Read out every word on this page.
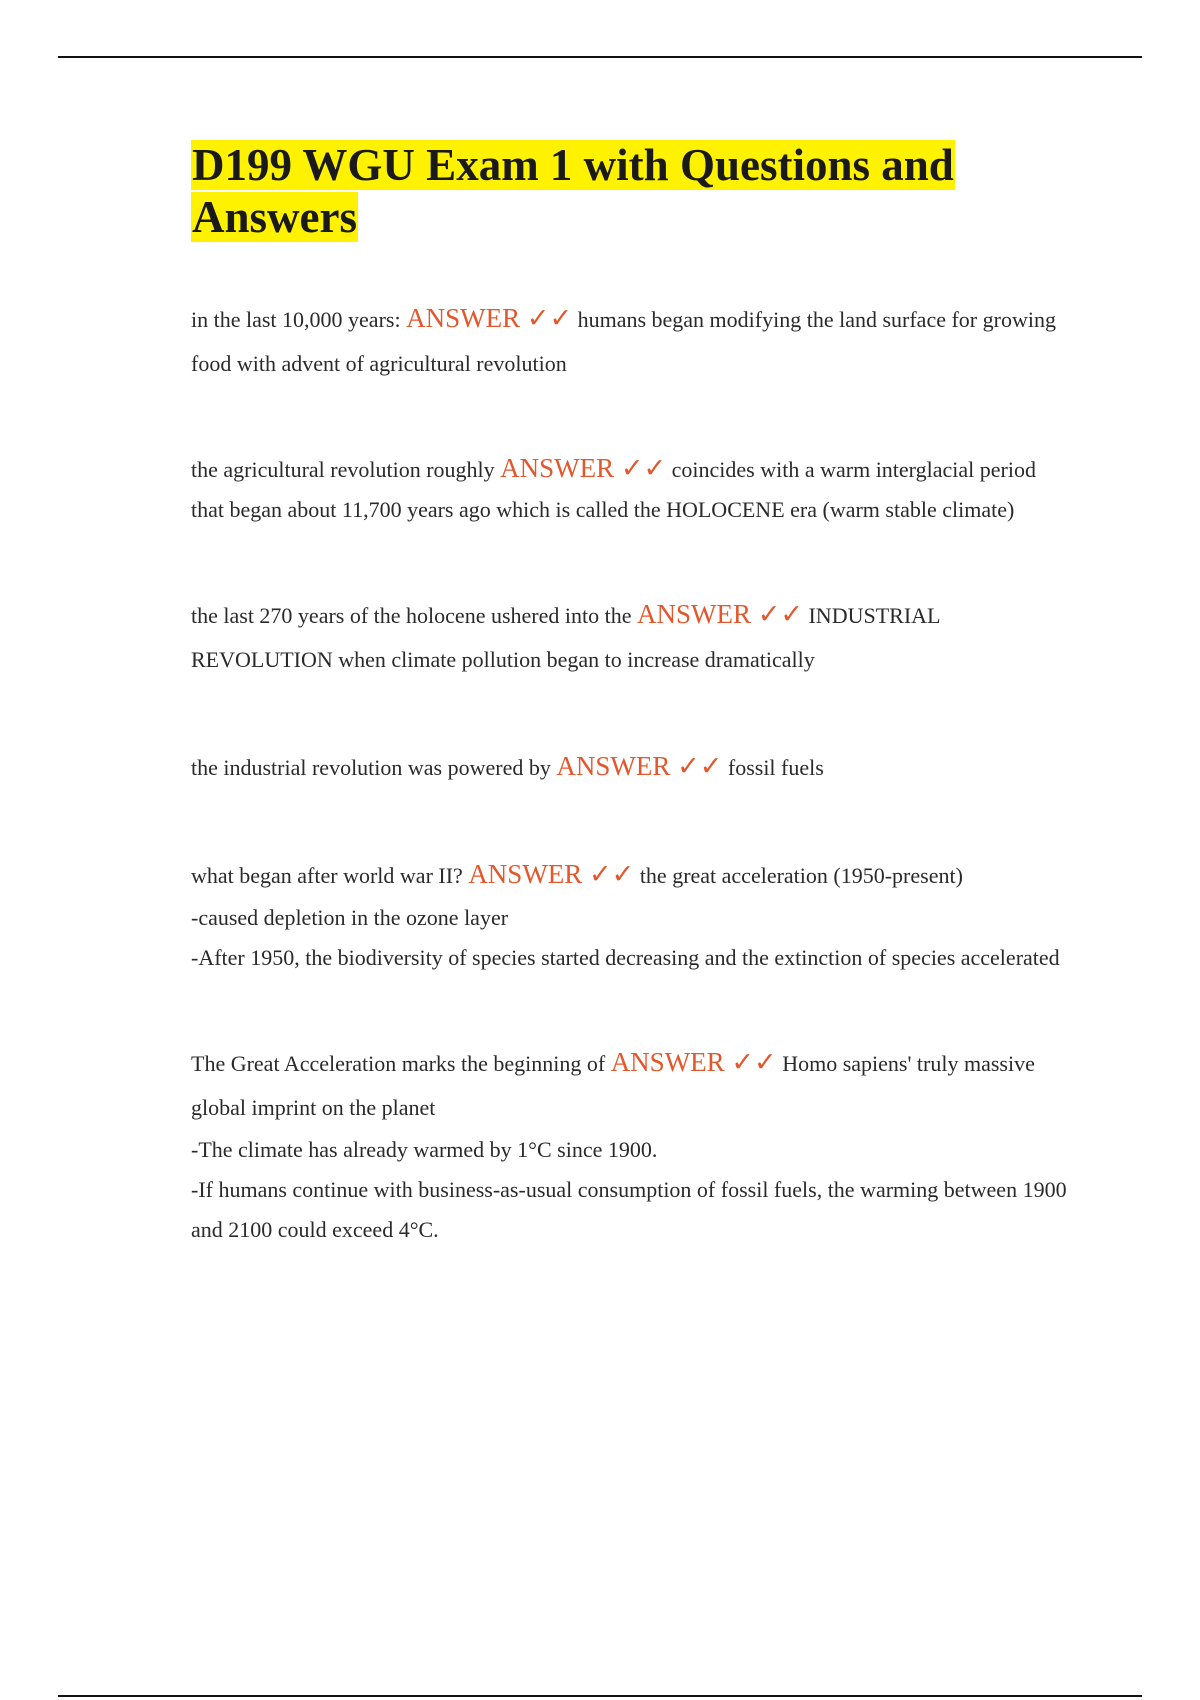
D199 WGU Exam 1 with Questions and Answers

in the last 10,000 years: ANSWER ✓✓ humans began modifying the land surface for growing food with advent of agricultural revolution

the agricultural revolution roughly ANSWER ✓✓ coincides with a warm interglacial period that began about 11,700 years ago which is called the HOLOCENE era (warm stable climate)

the last 270 years of the holocene ushered into the ANSWER ✓✓ INDUSTRIAL REVOLUTION when climate pollution began to increase dramatically

the industrial revolution was powered by ANSWER ✓✓ fossil fuels

what began after world war II? ANSWER ✓✓ the great acceleration (1950-present)

-caused depletion in the ozone layer

-After 1950, the biodiversity of species started decreasing and the extinction of species accelerated

The Great Acceleration marks the beginning of ANSWER ✓✓ Homo sapiens' truly massive global imprint on the planet

-The climate has already warmed by 1°C since 1900.

-If humans continue with business-as-usual consumption of fossil fuels, the warming between 1900 and 2100 could exceed 4°C.
